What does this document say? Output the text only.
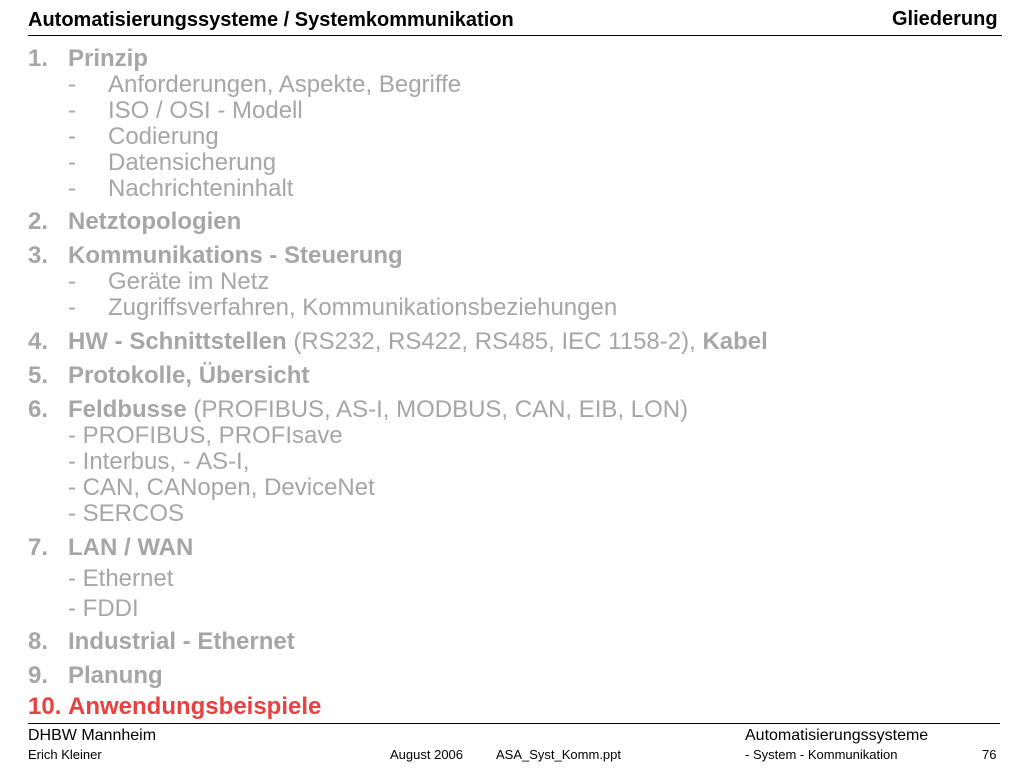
Automatisierungssysteme / Systemkommunikation	Gliederung
1. Prinzip
- Anforderungen, Aspekte, Begriffe
- ISO / OSI - Modell
- Codierung
- Datensicherung
- Nachrichteninhalt
2. Netztopologien
3. Kommunikations - Steuerung
- Geräte im Netz
- Zugriffsverfahren, Kommunikationsbeziehungen
4. HW - Schnittstellen (RS232, RS422, RS485, IEC 1158-2), Kabel
5. Protokolle, Übersicht
6. Feldbusse (PROFIBUS, AS-I, MODBUS, CAN, EIB, LON)
- PROFIBUS, PROFIsave
- Interbus, - AS-I,
- CAN, CANopen, DeviceNet
- SERCOS
7. LAN / WAN
- Ethernet
- FDDI
8. Industrial - Ethernet
9. Planung
10. Anwendungsbeispiele
DHBW Mannheim
Erich Kleiner	August 2006	ASA_Syst_Komm.ppt
Automatisierungssysteme
- System - Kommunikation	76
